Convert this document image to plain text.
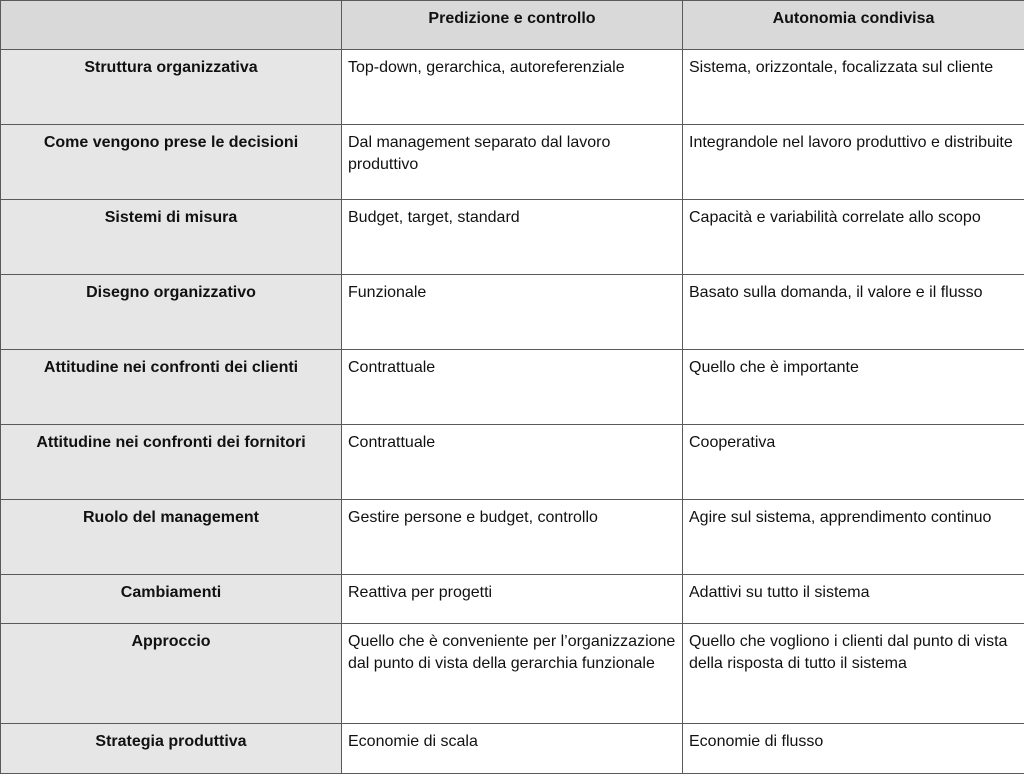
	Predizione e controllo	Autonomia condivisa
Struttura organizzativa	Top-down, gerarchica, autoreferenziale	Sistema, orizzontale, focalizzata sul cliente
Come vengono prese le decisioni	Dal management separato dal lavoro produttivo	Integrandole nel lavoro produttivo e distribuite
Sistemi di misura	Budget, target, standard	Capacità e variabilità correlate allo scopo
Disegno organizzativo	Funzionale	Basato sulla domanda, il valore e il flusso
Attitudine nei confronti dei clienti	Contrattuale	Quello che è importante
Attitudine nei confronti dei fornitori	Contrattuale	Cooperativa
Ruolo del management	Gestire persone e budget, controllo	Agire sul sistema, apprendimento continuo
Cambiamenti	Reattiva per progetti	Adattivi su tutto il sistema
Approccio	Quello che è conveniente per l’organizzazione dal punto di vista della gerarchia funzionale	Quello che vogliono i clienti dal punto di vista della risposta di tutto il sistema
Strategia produttiva	Economie di scala	Economie di flusso
